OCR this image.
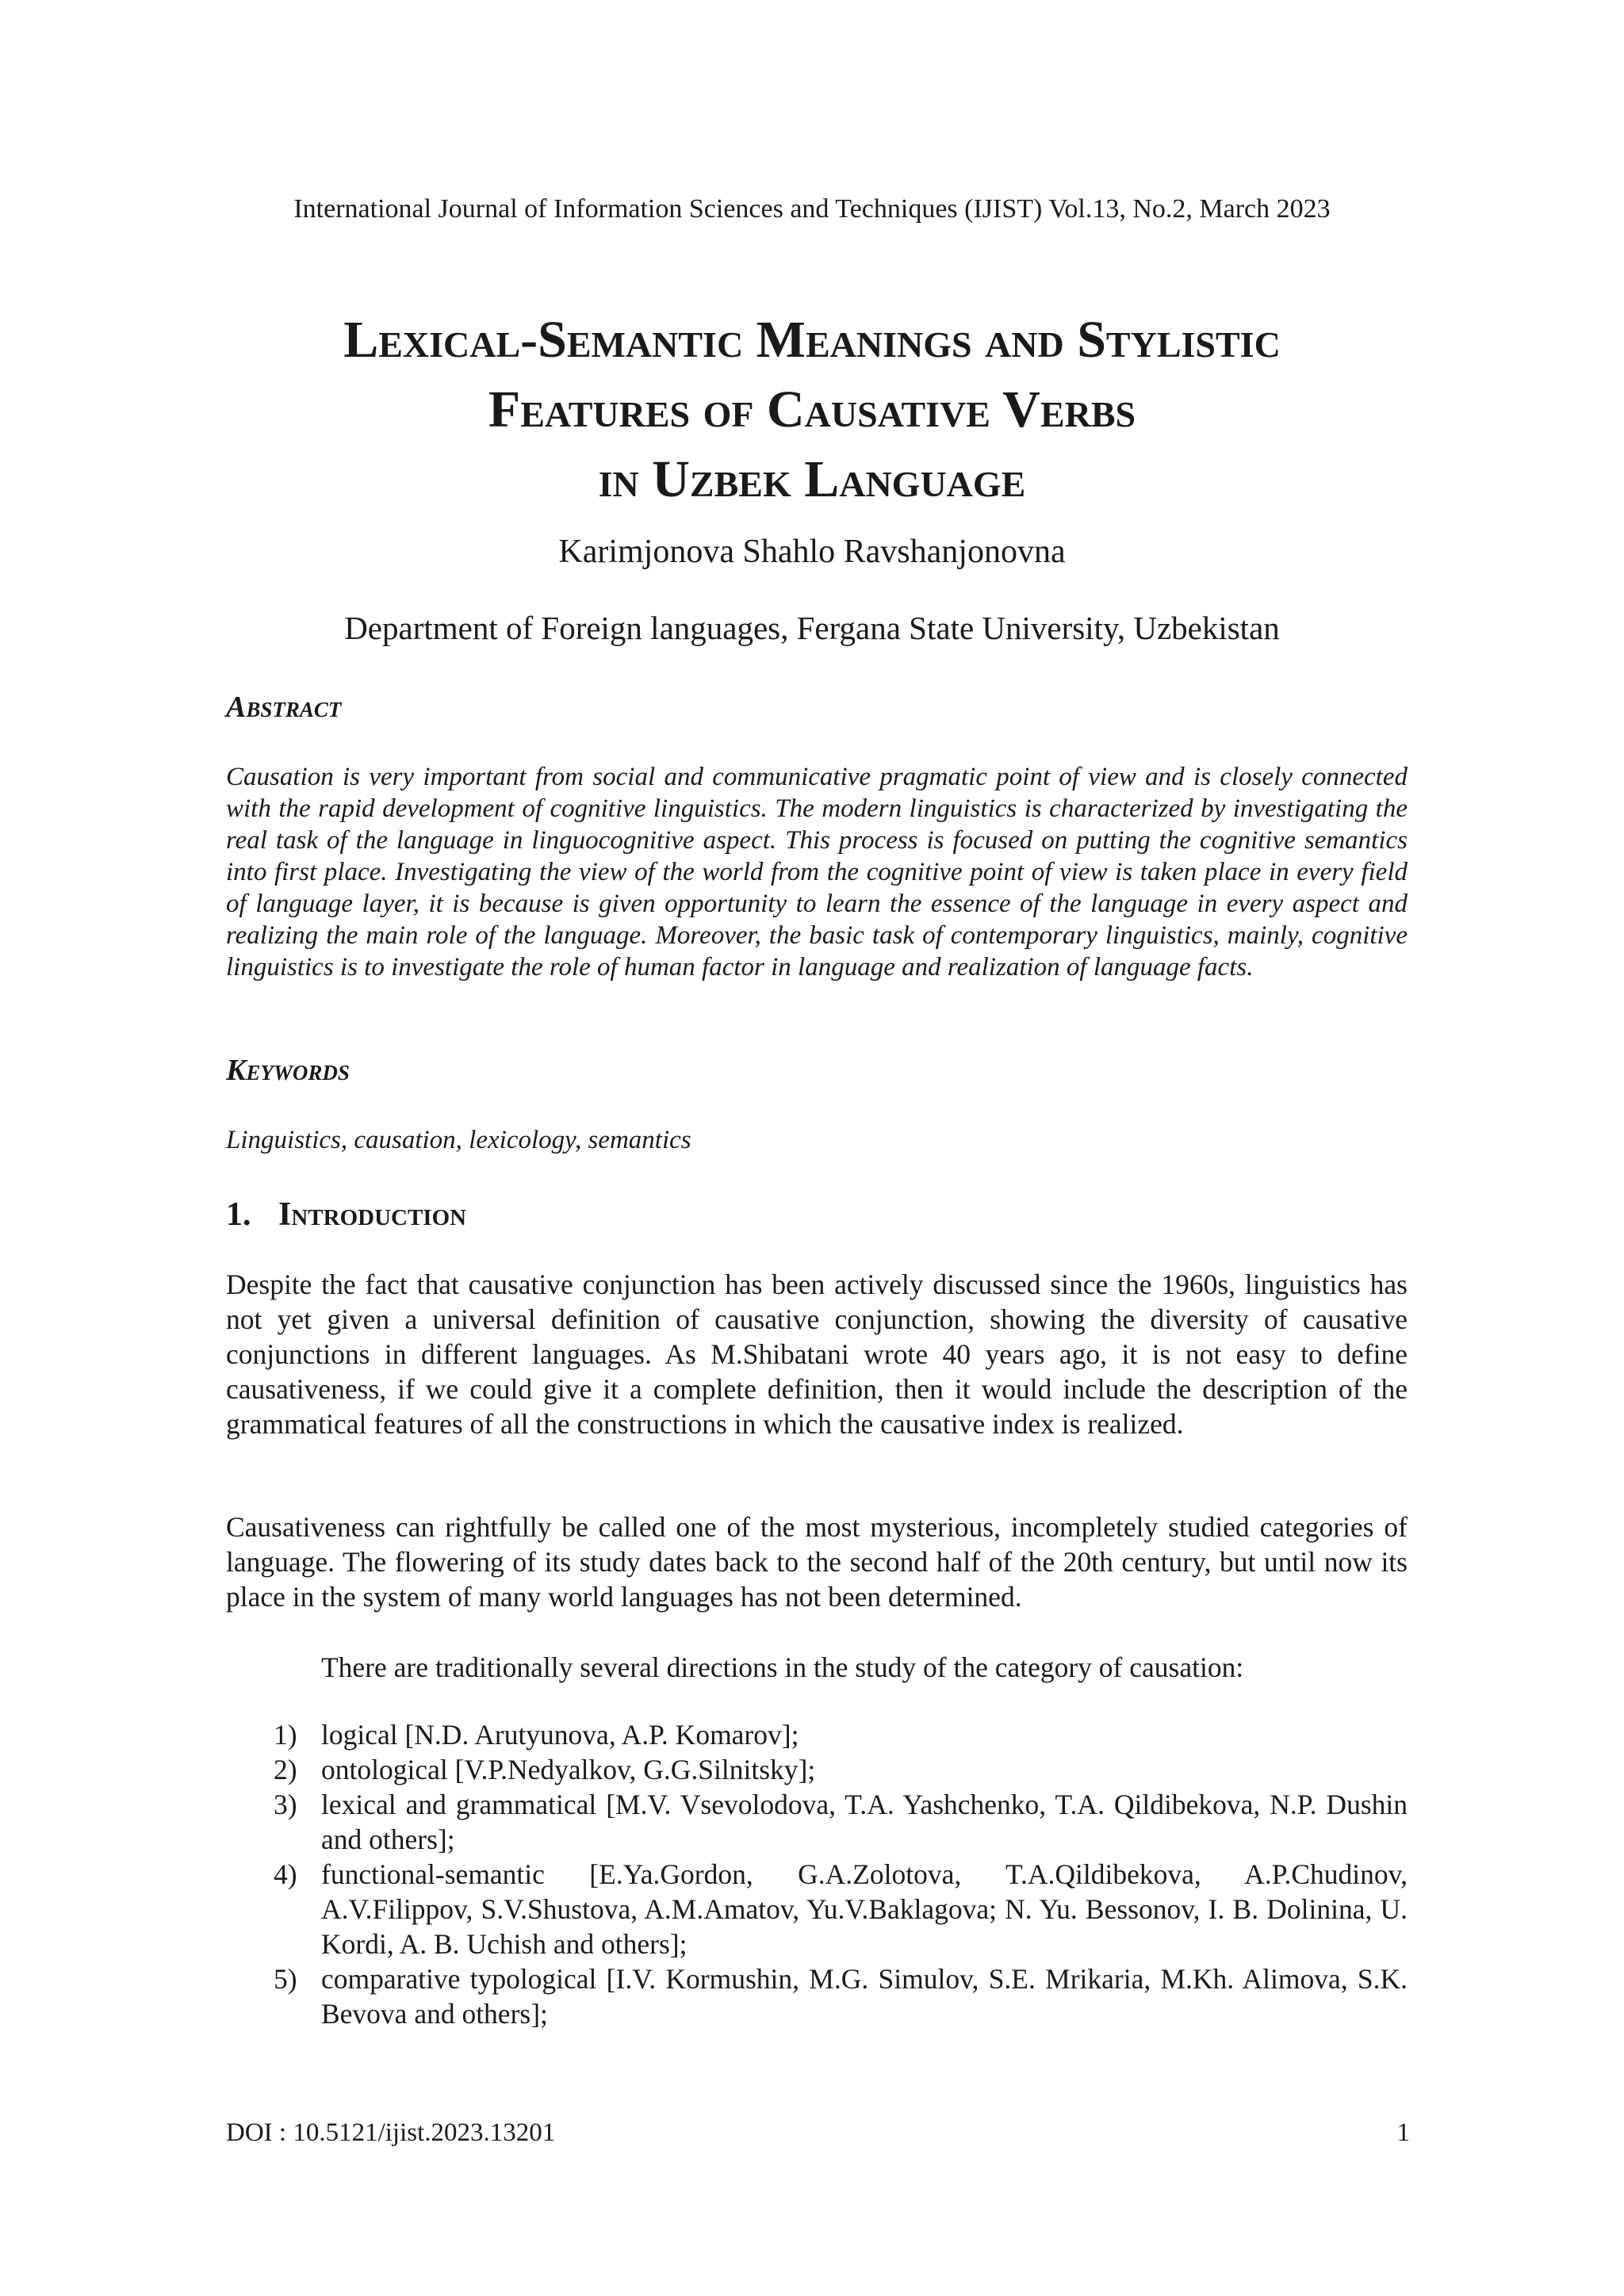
International Journal of Information Sciences and Techniques (IJIST) Vol.13, No.2, March 2023
Lexical-Semantic Meanings and Stylistic
Features of Causative Verbs
in Uzbek Language
Karimjonova Shahlo Ravshanjonovna
Department of Foreign languages, Fergana State University, Uzbekistan
Abstract

Causation is very important from social and communicative pragmatic point of view and is closely connected with the rapid development of cognitive linguistics. The modern linguistics is characterized by investigating the real task of the language in linguocognitive aspect. This process is focused on putting the cognitive semantics into first place. Investigating the view of the world from the cognitive point of view is taken place in every field of language layer, it is because is given opportunity to learn the essence of the language in every aspect and realizing the main role of the language. Moreover, the basic task of contemporary linguistics, mainly, cognitive linguistics is to investigate the role of human factor in language and realization of language facts.

Keywords

Linguistics, causation, lexicology, semantics

1. Introduction

Despite the fact that causative conjunction has been actively discussed since the 1960s, linguistics has not yet given a universal definition of causative conjunction, showing the diversity of causative conjunctions in different languages. As M.Shibatani wrote 40 years ago, it is not easy to define causativeness, if we could give it a complete definition, then it would include the description of the grammatical features of all the constructions in which the causative index is realized.

Causativeness can rightfully be called one of the most mysterious, incompletely studied categories of language. The flowering of its study dates back to the second half of the 20th century, but until now its place in the system of many world languages has not been determined.

There are traditionally several directions in the study of the category of causation:

1) logical [N.D. Arutyunova, A.P. Komarov];
2) ontological [V.P.Nedyalkov, G.G.Silnitsky];
3) lexical and grammatical [M.V. Vsevolodova, T.A. Yashchenko, T.A. Qildibekova, N.P. Dushin and others];
4) functional-semantic [E.Ya.Gordon, G.A.Zolotova, T.A.Qildibekova, A.P.Chudinov, A.V.Filippov, S.V.Shustova, A.M.Amatov, Yu.V.Baklagova; N. Yu. Bessonov, I. B. Dolinina, U. Kordi, A. B. Uchish and others];
5) comparative typological [I.V. Kormushin, M.G. Simulov, S.E. Mrikaria, M.Kh. Alimova, S.K. Bevova and others];
DOI : 10.5121/ijist.2023.13201	1
